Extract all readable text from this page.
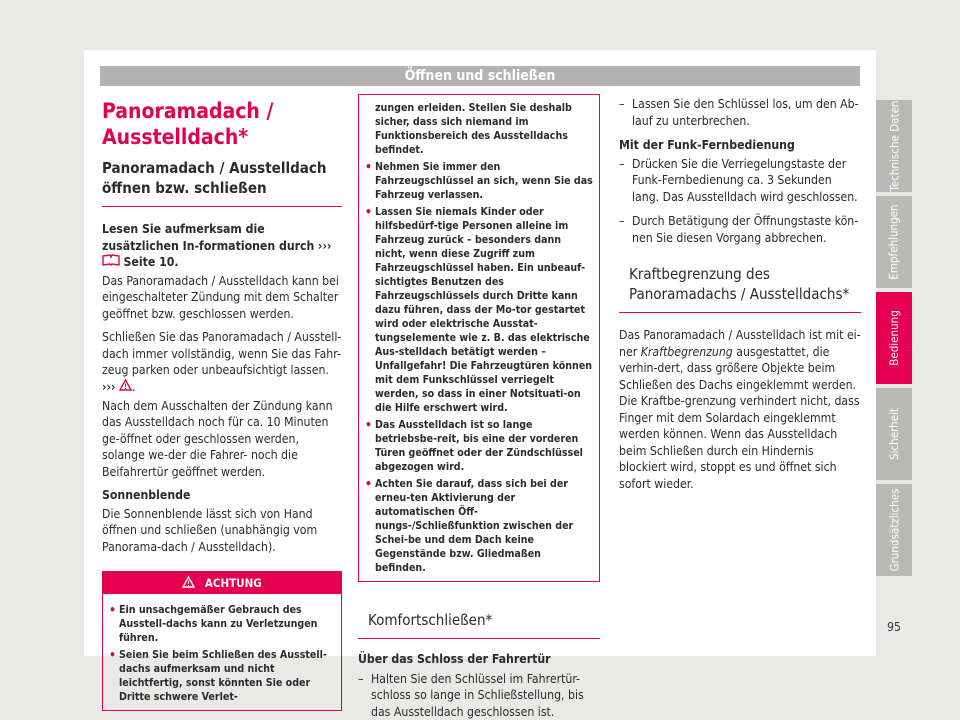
Öffnen und schließen
Panoramadach / Ausstelldach*
Panoramadach / Ausstelldach öffnen bzw. schließen

Lesen Sie aufmerksam die zusätzlichen In-formationen durch ›››  Seite 10.

Das Panoramadach / Ausstelldach kann bei eingeschalteter Zündung mit dem Schalter geöffnet bzw. geschlossen werden.

Schließen Sie das Panoramadach / Ausstell-dach immer vollständig, wenn Sie das Fahr-zeug parken oder unbeaufsichtigt lassen. ››› .

Nach dem Ausschalten der Zündung kann das Ausstelldach noch für ca. 10 Minuten ge-öffnet oder geschlossen werden, solange we-der die Fahrer- noch die Beifahrertür geöffnet werden.

Sonnenblende

Die Sonnenblende lässt sich von Hand öffnen und schließen (unabhängig vom Panorama-dach / Ausstelldach).

ACHTUNG
• Ein unsachgemäßer Gebrauch des Ausstell-dachs kann zu Verletzungen führen.
• Seien Sie beim Schließen des Ausstell-dachs aufmerksam und nicht leichtfertig, sonst könnten Sie oder Dritte schwere Verlet-
zungen erleiden. Stellen Sie deshalb sicher, dass sich niemand im Funktionsbereich des Ausstelldachs befindet.
• Nehmen Sie immer den Fahrzeugschlüssel an sich, wenn Sie das Fahrzeug verlassen.
• Lassen Sie niemals Kinder oder hilfsbedürf-tige Personen alleine im Fahrzeug zurück – besonders dann nicht, wenn diese Zugriff zum Fahrzeugschlüssel haben. Ein unbeauf-sichtigtes Benutzen des Fahrzeugschlüssels durch Dritte kann dazu führen, dass der Mo-tor gestartet wird oder elektrische Ausstat-tungselemente wie z. B. das elektrische Aus-stelldach betätigt werden – Unfallgefahr! Die Fahrzeugtüren können mit dem Funkschlüssel verriegelt werden, so dass in einer Notsituati-on die Hilfe erschwert wird.
• Das Ausstelldach ist so lange betriebsbe-reit, bis eine der vorderen Türen geöffnet oder der Zündschlüssel abgezogen wird.
• Achten Sie darauf, dass sich bei der erneu-ten Aktivierung der automatischen Öff-nungs-/Schließfunktion zwischen der Schei-be und dem Dach keine Gegenstände bzw. Gliedmaßen befinden.
Komfortschließen*

Über das Schloss der Fahrertür

– Halten Sie den Schlüssel im Fahrertür-schloss so lange in Schließstellung, bis das Ausstelldach geschlossen ist.
– Lassen Sie den Schlüssel los, um den Ab-lauf zu unterbrechen.

Mit der Funk-Fernbedienung

– Drücken Sie die Verriegelungstaste der Funk-Fernbedienung ca. 3 Sekunden lang. Das Ausstelldach wird geschlossen.
– Durch Betätigung der Öffnungstaste kön-nen Sie diesen Vorgang abbrechen.
Kraftbegrenzung des Panoramadachs / Ausstelldachs*

Das Panoramadach / Ausstelldach ist mit ei-ner Kraftbegrenzung ausgestattet, die verhin-dert, dass größere Objekte beim Schließen des Dachs eingeklemmt werden. Die Kraftbe-grenzung verhindert nicht, dass Finger mit dem Solardach eingeklemmt werden können. Wenn das Ausstelldach beim Schließen durch ein Hindernis blockiert wird, stoppt es und öffnet sich sofort wieder.

Technische Daten
Empfehlungen
Bedienung
Sicherheit
Grundsätzliches
95
